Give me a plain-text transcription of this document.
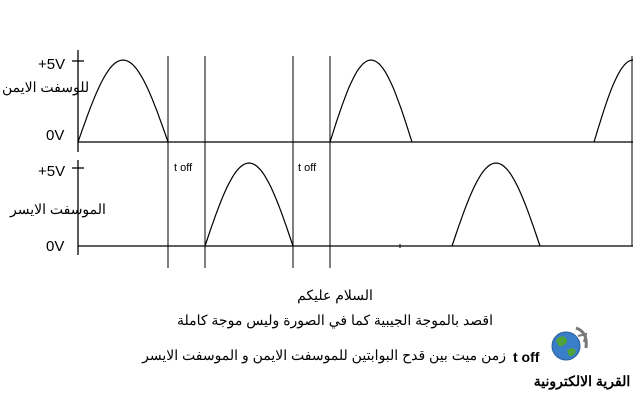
+5V
للوسفت الايمن
0V
+5V
الموسفت الايسر
0V
t off	t off
السلام عليكم
اقصد بالموجة الجيبية كما في الصورة وليس موجة كاملة
t off
زمن ميت بين قدح البوابتين للموسفت الايمن و الموسفت الايسر
القرية الالكترونية
